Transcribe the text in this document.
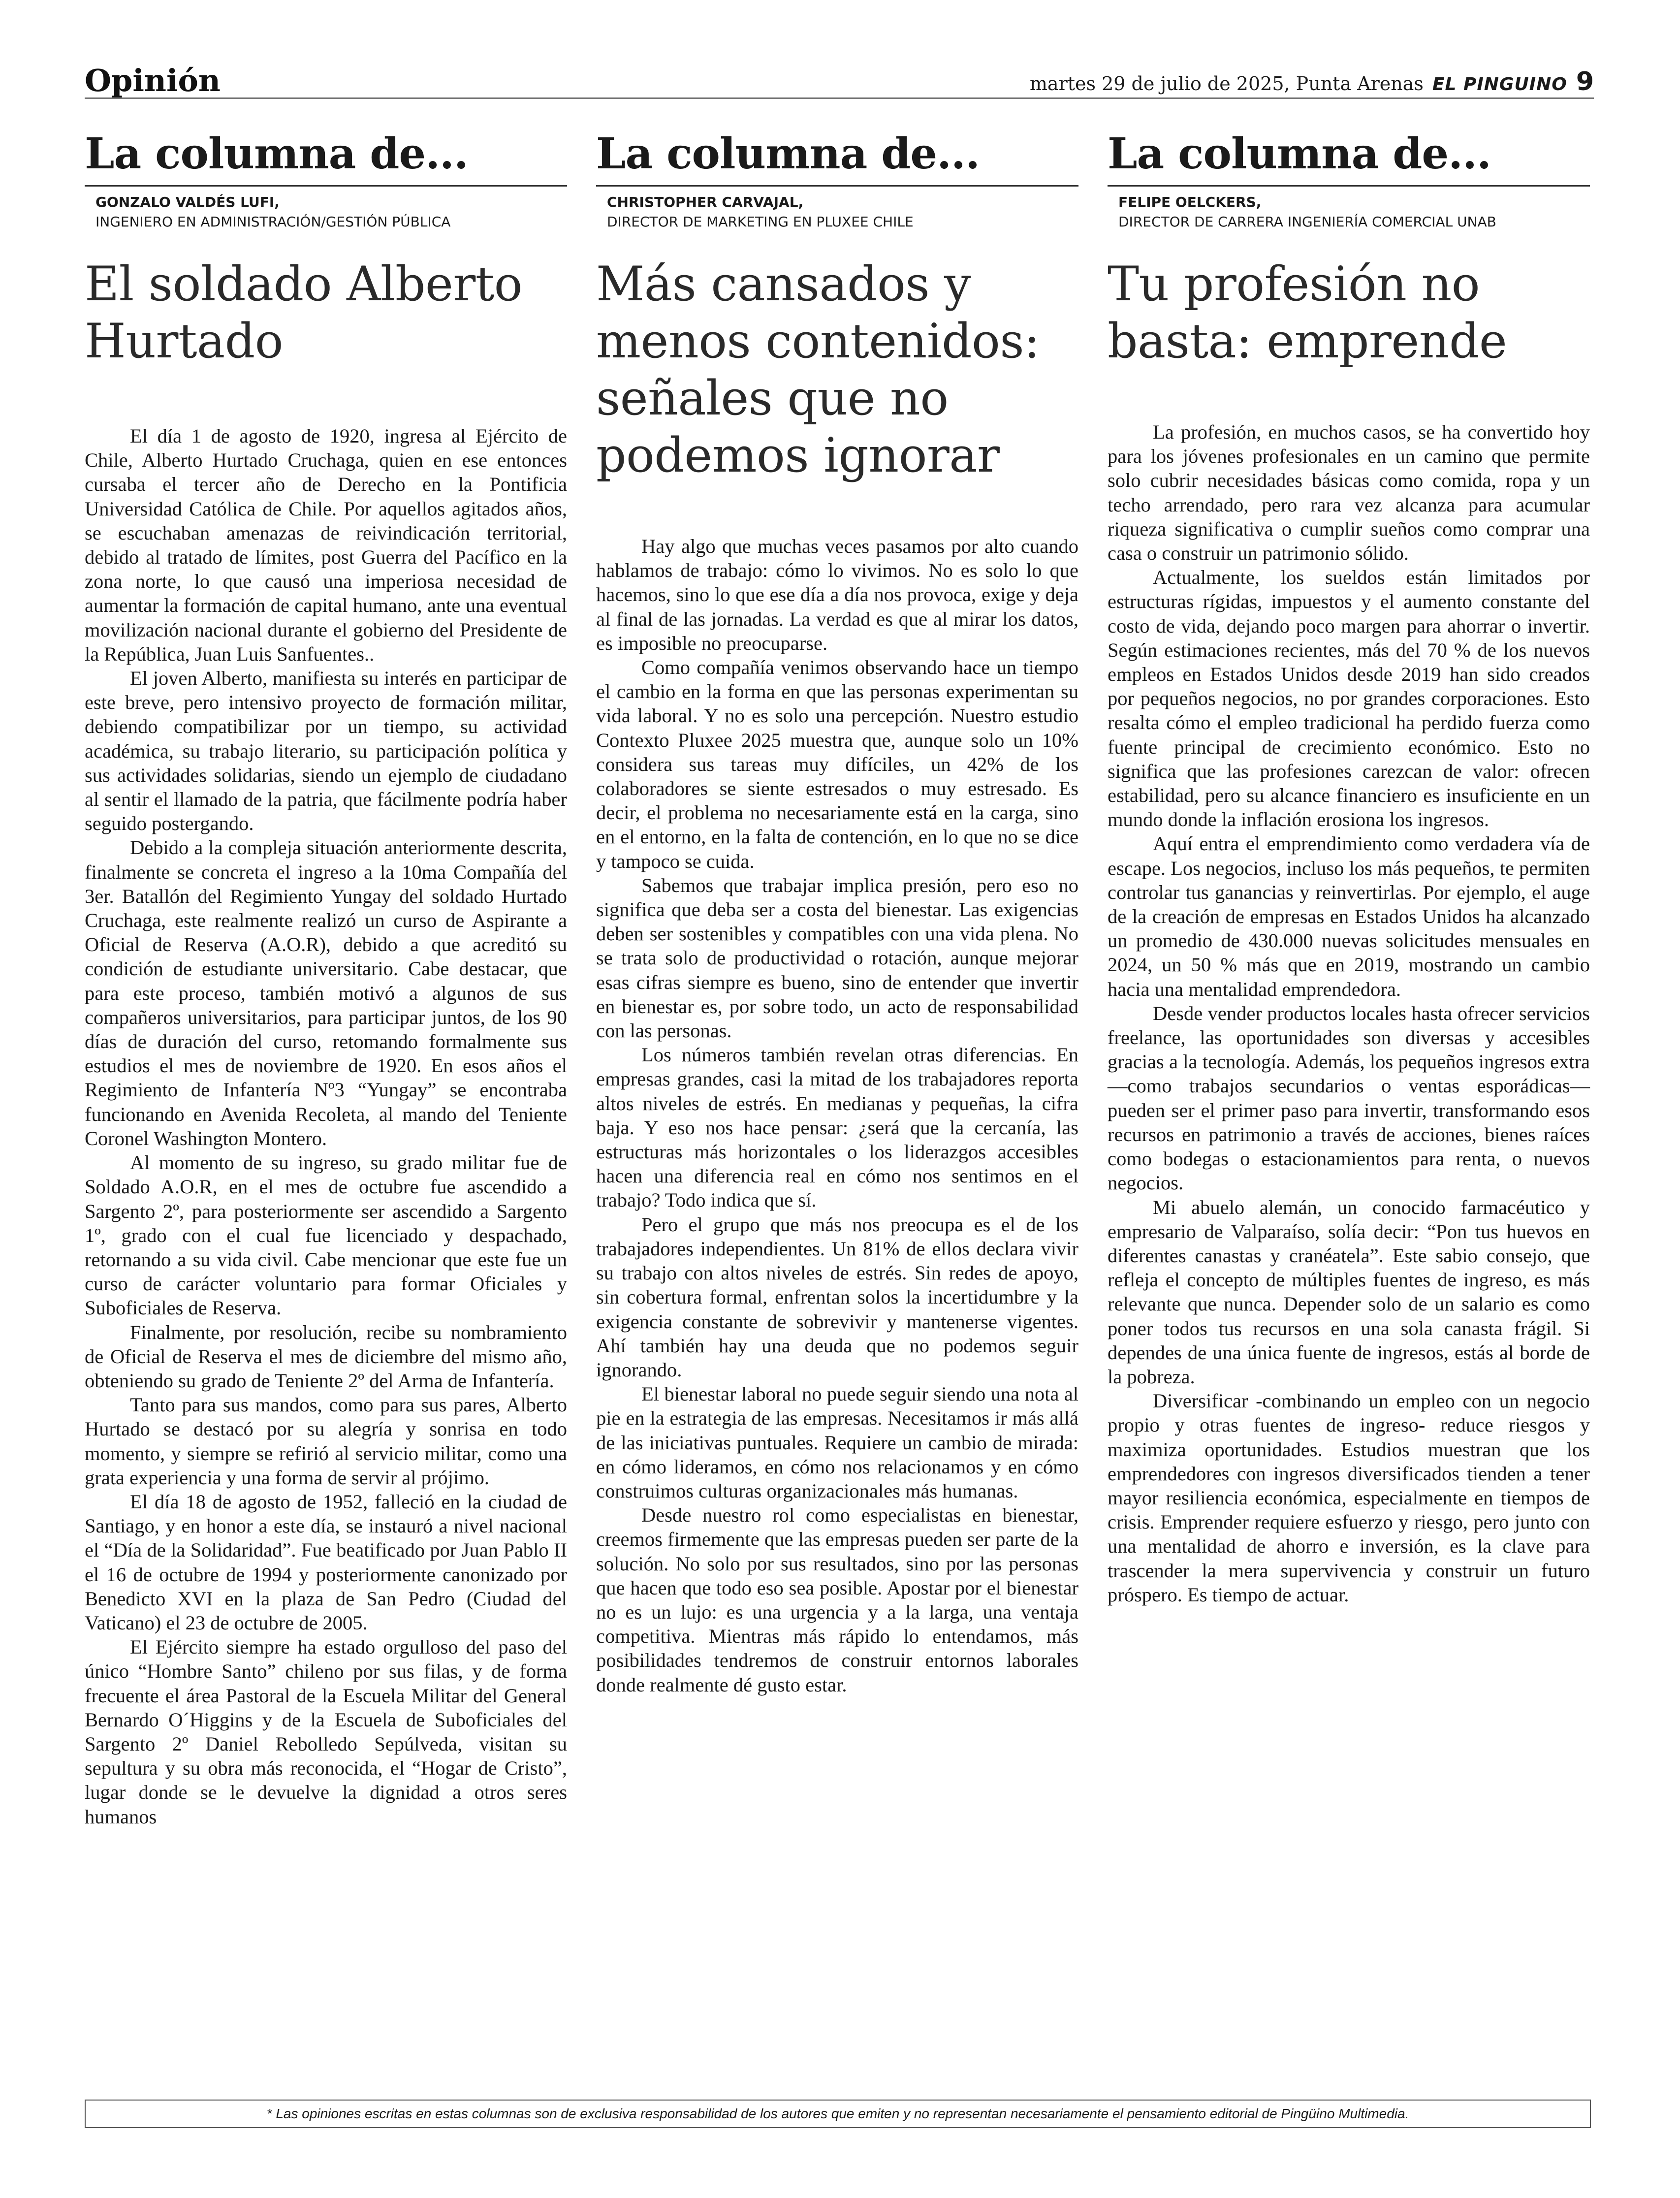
Opinión	martes 29 de julio de 2025, Punta Arenas EL PINGUINO 9
La columna de...
GONZALO VALDÉS LUFI,
INGENIERO EN ADMINISTRACIÓN/GESTIÓN PÚBLICA
El soldado Alberto Hurtado

El día 1 de agosto de 1920, ingresa al Ejército de Chile, Alberto Hurtado Cruchaga, quien en ese entonces cursaba el tercer año de Derecho en la Pontificia Universidad Católica de Chile. Por aquellos agitados años, se escuchaban amenazas de reivindicación territorial, debido al tratado de límites, post Guerra del Pacífico en la zona norte, lo que causó una imperiosa necesidad de aumentar la formación de capital humano, ante una eventual movilización nacional durante el gobierno del Presidente de la República, Juan Luis Sanfuentes..

El joven Alberto, manifiesta su interés en participar de este breve, pero intensivo proyecto de formación militar, debiendo compatibilizar por un tiempo, su actividad académica, su trabajo literario, su participación política y sus actividades solidarias, siendo un ejemplo de ciudadano al sentir el llamado de la patria, que fácilmente podría haber seguido postergando.

Debido a la compleja situación anteriormente descrita, finalmente se concreta el ingreso a la 10ma Compañía del 3er. Batallón del Regimiento Yungay del soldado Hurtado Cruchaga, este realmente realizó un curso de Aspirante a Oficial de Reserva (A.O.R), debido a que acreditó su condición de estudiante universitario. Cabe destacar, que para este proceso, también motivó a algunos de sus compañeros universitarios, para participar juntos, de los 90 días de duración del curso, retomando formalmente sus estudios el mes de noviembre de 1920. En esos años el Regimiento de Infantería Nº3 “Yungay” se encontraba funcionando en Avenida Recoleta, al mando del Teniente Coronel Washington Montero.

Al momento de su ingreso, su grado militar fue de Soldado A.O.R, en el mes de octubre fue ascendido a Sargento 2º, para posteriormente ser ascendido a Sargento 1º, grado con el cual fue licenciado y despachado, retornando a su vida civil. Cabe mencionar que este fue un curso de carácter voluntario para formar Oficiales y Suboficiales de Reserva.

Finalmente, por resolución, recibe su nombramiento de Oficial de Reserva el mes de diciembre del mismo año, obteniendo su grado de Teniente 2º del Arma de Infantería.

Tanto para sus mandos, como para sus pares, Alberto Hurtado se destacó por su alegría y sonrisa en todo momento, y siempre se refirió al servicio militar, como una grata experiencia y una forma de servir al prójimo.

El día 18 de agosto de 1952, falleció en la ciudad de Santiago, y en honor a este día, se instauró a nivel nacional el “Día de la Solidaridad”. Fue beatificado por Juan Pablo II el 16 de octubre de 1994 y posteriormente canonizado por Benedicto XVI en la plaza de San Pedro (Ciudad del Vaticano) el 23 de octubre de 2005.

El Ejército siempre ha estado orgulloso del paso del único “Hombre Santo” chileno por sus filas, y de forma frecuente el área Pastoral de la Escuela Militar del General Bernardo O´Higgins y de la Escuela de Suboficiales del Sargento 2º Daniel Rebolledo Sepúlveda, visitan su sepultura y su obra más reconocida, el “Hogar de Cristo”, lugar donde se le devuelve la dignidad a otros seres humanos

La columna de...
CHRISTOPHER CARVAJAL,
DIRECTOR DE MARKETING EN PLUXEE CHILE
Más cansados y menos contenidos: señales que no podemos ignorar

Hay algo que muchas veces pasamos por alto cuando hablamos de trabajo: cómo lo vivimos. No es solo lo que hacemos, sino lo que ese día a día nos provoca, exige y deja al final de las jornadas. La verdad es que al mirar los datos, es imposible no preocuparse.

Como compañía venimos observando hace un tiempo el cambio en la forma en que las personas experimentan su vida laboral. Y no es solo una percepción. Nuestro estudio Contexto Pluxee 2025 muestra que, aunque solo un 10% considera sus tareas muy difíciles, un 42% de los colaboradores se siente estresados o muy estresado. Es decir, el problema no necesariamente está en la carga, sino en el entorno, en la falta de contención, en lo que no se dice y tampoco se cuida.

Sabemos que trabajar implica presión, pero eso no significa que deba ser a costa del bienestar. Las exigencias deben ser sostenibles y compatibles con una vida plena. No se trata solo de productividad o rotación, aunque mejorar esas cifras siempre es bueno, sino de entender que invertir en bienestar es, por sobre todo, un acto de responsabilidad con las personas.

Los números también revelan otras diferencias. En empresas grandes, casi la mitad de los trabajadores reporta altos niveles de estrés. En medianas y pequeñas, la cifra baja. Y eso nos hace pensar: ¿será que la cercanía, las estructuras más horizontales o los liderazgos accesibles hacen una diferencia real en cómo nos sentimos en el trabajo? Todo indica que sí.

Pero el grupo que más nos preocupa es el de los trabajadores independientes. Un 81% de ellos declara vivir su trabajo con altos niveles de estrés. Sin redes de apoyo, sin cobertura formal, enfrentan solos la incertidumbre y la exigencia constante de sobrevivir y mantenerse vigentes. Ahí también hay una deuda que no podemos seguir ignorando.

El bienestar laboral no puede seguir siendo una nota al pie en la estrategia de las empresas. Necesitamos ir más allá de las iniciativas puntuales. Requiere un cambio de mirada: en cómo lideramos, en cómo nos relacionamos y en cómo construimos culturas organizacionales más humanas.

Desde nuestro rol como especialistas en bienestar, creemos firmemente que las empresas pueden ser parte de la solución. No solo por sus resultados, sino por las personas que hacen que todo eso sea posible. Apostar por el bienestar no es un lujo: es una urgencia y a la larga, una ventaja competitiva. Mientras más rápido lo entendamos, más posibilidades tendremos de construir entornos laborales donde realmente dé gusto estar.

La columna de...
FELIPE OELCKERS,
DIRECTOR DE CARRERA INGENIERÍA COMERCIAL UNAB
Tu profesión no basta: emprende

La profesión, en muchos casos, se ha convertido hoy para los jóvenes profesionales en un camino que permite solo cubrir necesidades básicas como comida, ropa y un techo arrendado, pero rara vez alcanza para acumular riqueza significativa o cumplir sueños como comprar una casa o construir un patrimonio sólido.

Actualmente, los sueldos están limitados por estructuras rígidas, impuestos y el aumento constante del costo de vida, dejando poco margen para ahorrar o invertir. Según estimaciones recientes, más del 70 % de los nuevos empleos en Estados Unidos desde 2019 han sido creados por pequeños negocios, no por grandes corporaciones. Esto resalta cómo el empleo tradicional ha perdido fuerza como fuente principal de crecimiento económico. Esto no significa que las profesiones carezcan de valor: ofrecen estabilidad, pero su alcance financiero es insuficiente en un mundo donde la inflación erosiona los ingresos.

Aquí entra el emprendimiento como verdadera vía de escape. Los negocios, incluso los más pequeños, te permiten controlar tus ganancias y reinvertirlas. Por ejemplo, el auge de la creación de empresas en Estados Unidos ha alcanzado un promedio de 430.000 nuevas solicitudes mensuales en 2024, un 50 % más que en 2019, mostrando un cambio hacia una mentalidad emprendedora.

Desde vender productos locales hasta ofrecer servicios freelance, las oportunidades son diversas y accesibles gracias a la tecnología. Además, los pequeños ingresos extra —como trabajos secundarios o ventas esporádicas— pueden ser el primer paso para invertir, transformando esos recursos en patrimonio a través de acciones, bienes raíces como bodegas o estacionamientos para renta, o nuevos negocios.

Mi abuelo alemán, un conocido farmacéutico y empresario de Valparaíso, solía decir: “Pon tus huevos en diferentes canastas y cranéatela”. Este sabio consejo, que refleja el concepto de múltiples fuentes de ingreso, es más relevante que nunca. Depender solo de un salario es como poner todos tus recursos en una sola canasta frágil. Si dependes de una única fuente de ingresos, estás al borde de la pobreza.

Diversificar -combinando un empleo con un negocio propio y otras fuentes de ingreso- reduce riesgos y maximiza oportunidades. Estudios muestran que los emprendedores con ingresos diversificados tienden a tener mayor resiliencia económica, especialmente en tiempos de crisis. Emprender requiere esfuerzo y riesgo, pero junto con una mentalidad de ahorro e inversión, es la clave para trascender la mera supervivencia y construir un futuro próspero. Es tiempo de actuar.

* Las opiniones escritas en estas columnas son de exclusiva responsabilidad de los autores que emiten y no representan necesariamente el pensamiento editorial de Pingüino Multimedia.
